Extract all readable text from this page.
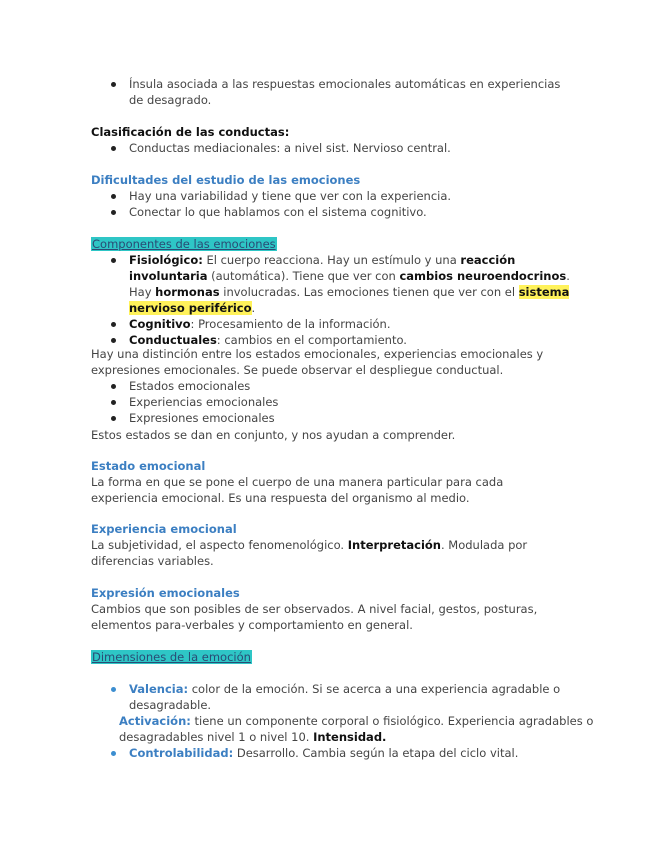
Ínsula asociada a las respuestas emocionales automáticas en experiencias de desagrado.
Clasificación de las conductas:
Conductas mediacionales: a nivel sist. Nervioso central.
Dificultades del estudio de las emociones
Hay una variabilidad y tiene que ver con la experiencia.
Conectar lo que hablamos con el sistema cognitivo.
Componentes de las emociones
Fisiológico: El cuerpo reacciona. Hay un estímulo y una reacción involuntaria (automática). Tiene que ver con cambios neuroendocrinos. Hay hormonas involucradas. Las emociones tienen que ver con el sistema nervioso periférico.
Cognitivo: Procesamiento de la información.
Conductuales: cambios en el comportamiento.

Hay una distinción entre los estados emocionales, experiencias emocionales y expresiones emocionales. Se puede observar el despliegue conductual.

Estados emocionales
Experiencias emocionales
Expresiones emocionales

Estos estados se dan en conjunto, y nos ayudan a comprender.

Estado emocional

La forma en que se pone el cuerpo de una manera particular para cada experiencia emocional. Es una respuesta del organismo al medio.

Experiencia emocional

La subjetividad, el aspecto fenomenológico. Interpretación. Modulada por diferencias variables.

Expresión emocionales

Cambios que son posibles de ser observados. A nivel facial, gestos, posturas, elementos para-verbales y comportamiento en general.

Dimensiones de la emoción
Valencia: color de la emoción. Si se acerca a una experiencia agradable o desagradable.

Activación: tiene un componente corporal o fisiológico. Experiencia agradables o desagradables nivel 1 o nivel 10. Intensidad.

Controlabilidad: Desarrollo. Cambia según la etapa del ciclo vital.
